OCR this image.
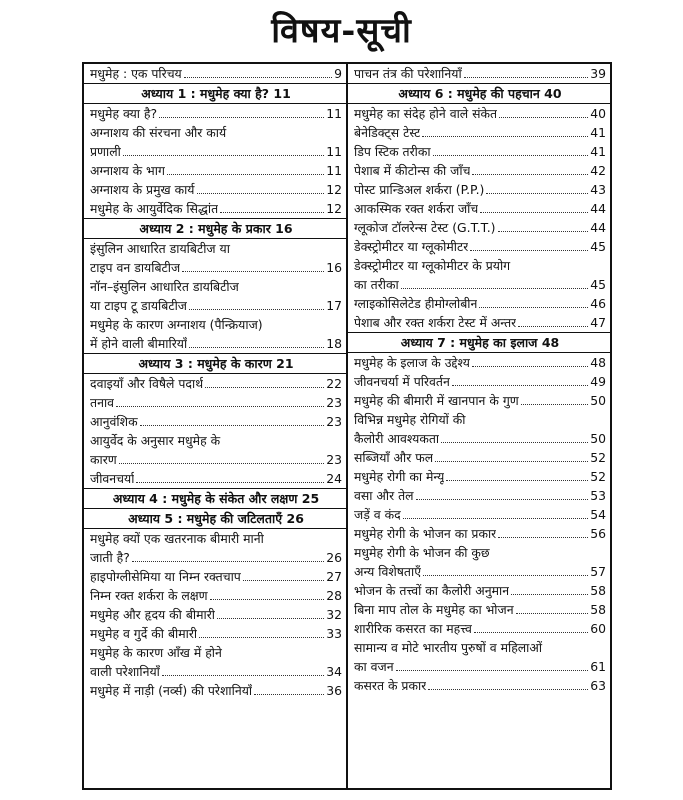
विषय-सूची
मधुमेह : एक परिचय	9
अध्याय 1 : मधुमेह क्या है? 11
मधुमेह क्या है?	11
अग्नाशय की संरचना और कार्य
प्रणाली	11
अग्नाशय के भाग	11
अग्नाशय के प्रमुख कार्य	12
मधुमेह के आयुर्वेदिक सिद्धांत	12
अध्याय 2 : मधुमेह के प्रकार 16
इंसुलिन आधारित डायबिटीज या
टाइप वन डायबिटीज	16
नॉन–इंसुलिन आधारित डायबिटीज
या टाइप टू डायबिटीज	17
मधुमेह के कारण अग्नाशय (पैन्क्रियाज)
में होने वाली बीमारियाँ	18
अध्याय 3 : मधुमेह के कारण 21
दवाइयाँ और विषैले पदार्थ	22
तनाव	23
आनुवंशिक	23
आयुर्वेद के अनुसार मधुमेह के
कारण	23
जीवनचर्या	24
अध्याय 4 : मधुमेह के संकेत और लक्षण 25
अध्याय 5 : मधुमेह की जटिलताएँ 26
मधुमेह क्यों एक खतरनाक बीमारी मानी
जाती है?	26
हाइपोग्लीसेमिया या निम्न रक्तचाप	27
निम्न रक्त शर्करा के लक्षण	28
मधुमेह और हृदय की बीमारी	32
मधुमेह व गुर्दे की बीमारी	33
मधुमेह के कारण आँख में होने
वाली परेशानियाँ	34
मधुमेह में नाड़ी (नर्व्स) की परेशानियाँ	36
पाचन तंत्र की परेशानियाँ	39
अध्याय 6 : मधुमेह की पहचान 40
मधुमेह का संदेह होने वाले संकेत	40
बेनेडिक्ट्स टेस्ट	41
डिप स्टिक तरीका	41
पेशाब में कीटोन्स की जाँच	42
पोस्ट प्रान्डिअल शर्करा (P.P.)	43
आकस्मिक रक्त शर्करा जाँच	44
ग्लूकोज टॉलरेन्स टेस्ट (G.T.T.)	44
डेक्स्ट्रोमीटर या ग्लूकोमीटर	45
डेक्स्ट्रोमीटर या ग्लूकोमीटर के प्रयोग
का तरीका	45
ग्लाइकोसिलेटेड हीमोग्लोबीन	46
पेशाब और रक्त शर्करा टेस्ट में अन्तर	47
अध्याय 7 : मधुमेह का इलाज 48
मधुमेह के इलाज के उद्देश्य	48
जीवनचर्या में परिवर्तन	49
मधुमेह की बीमारी में खानपान के गुण	50
विभिन्न मधुमेह रोगियों की
कैलोरी आवश्यकता	50
सब्जियाँ और फल	52
मधुमेह रोगी का मेन्यू	52
वसा और तेल	53
जड़ें व कंद	54
मधुमेह रोगी के भोजन का प्रकार	56
मधुमेह रोगी के भोजन की कुछ
अन्य विशेषताएँ	57
भोजन के तत्त्वों का कैलोरी अनुमान	58
बिना माप तोल के मधुमेह का भोजन	58
शारीरिक कसरत का महत्त्व	60
सामान्य व मोटे भारतीय पुरुषों व महिलाओं
का वजन	61
कसरत के प्रकार	63
